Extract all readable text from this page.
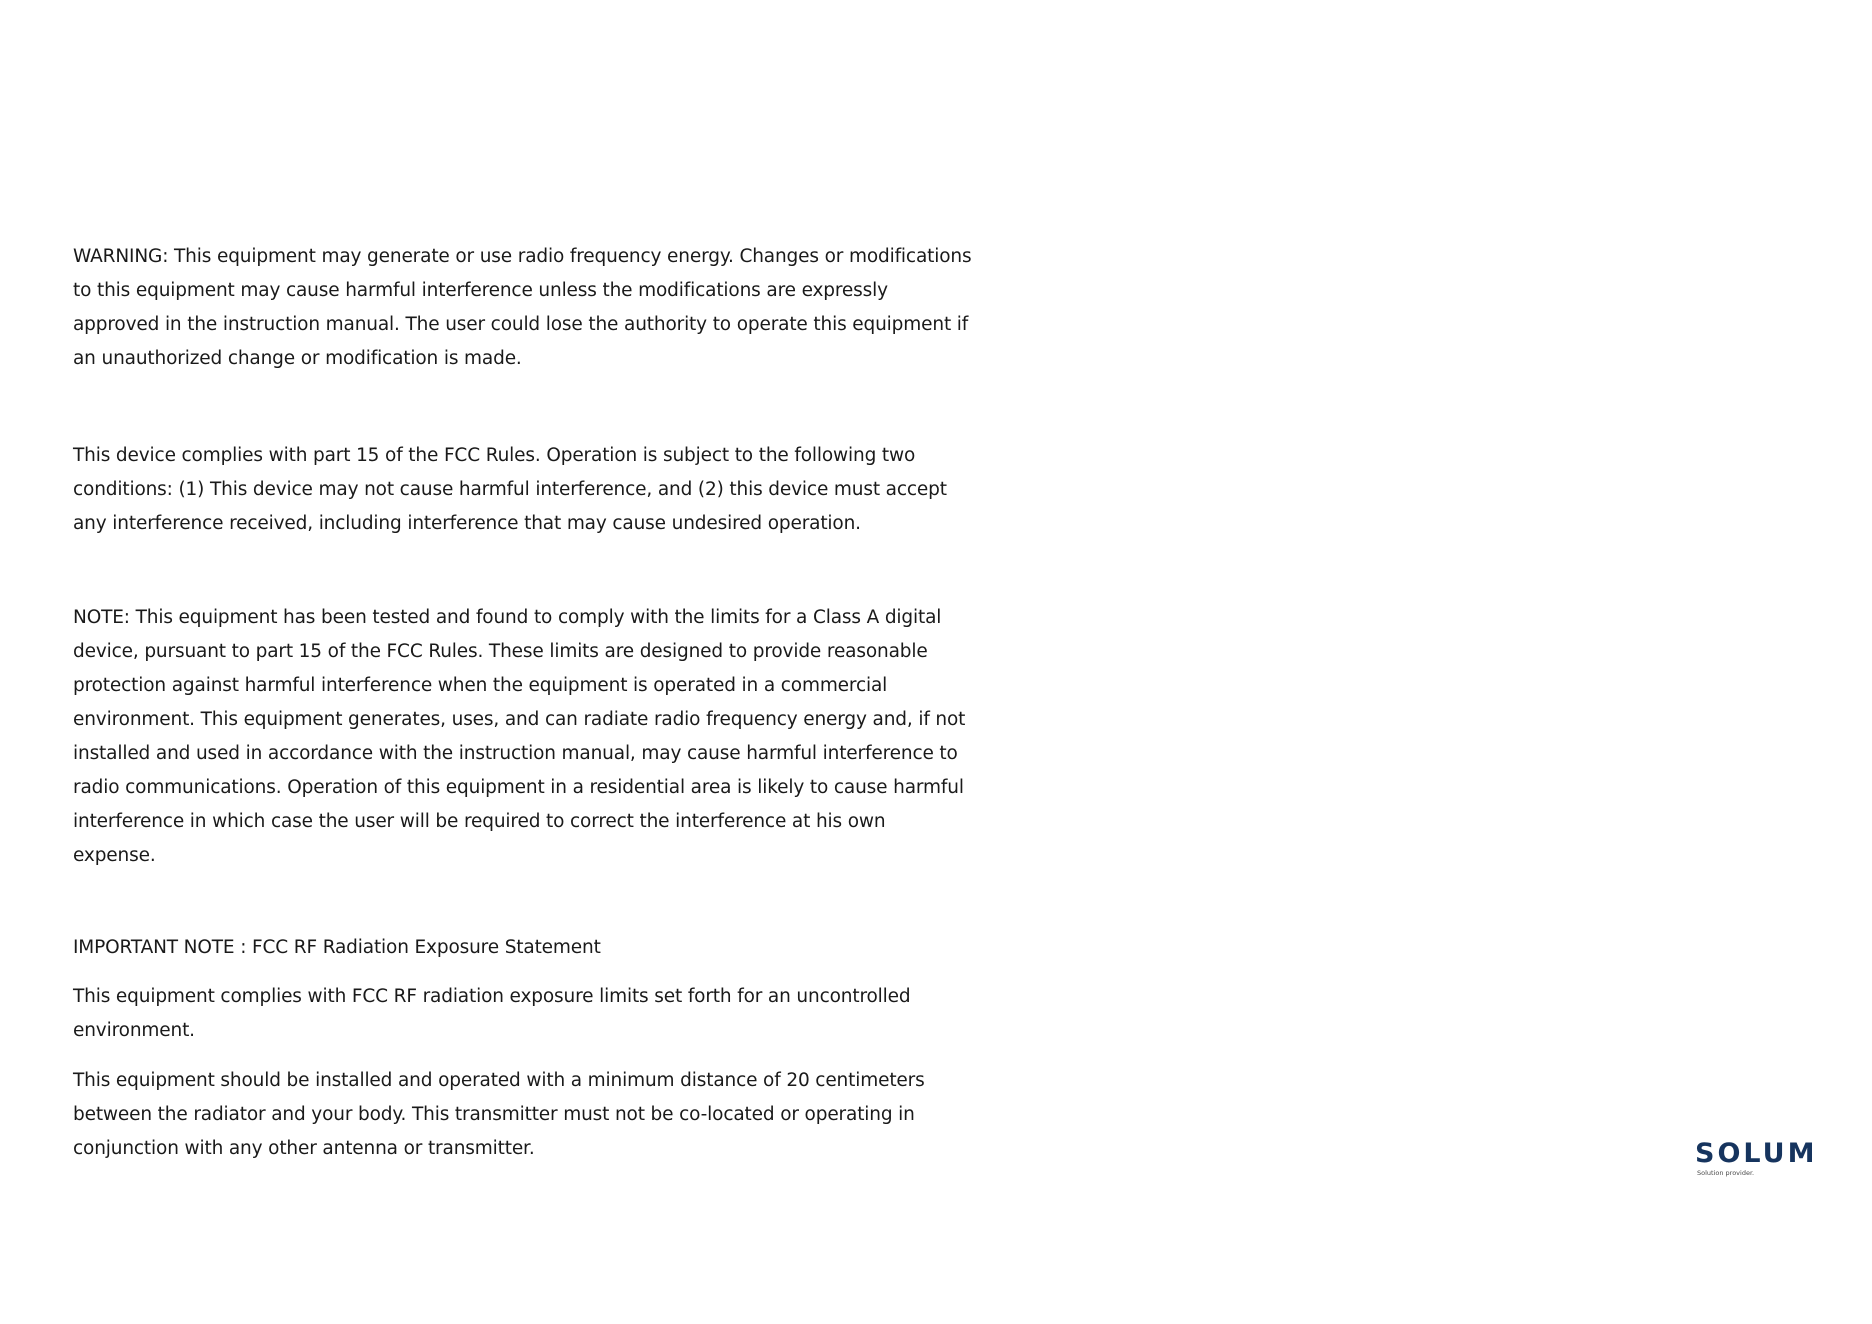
WARNING: This equipment may generate or use radio frequency energy. Changes or modifications to this equipment may cause harmful interference unless the modifications are expressly approved in the instruction manual. The user could lose the authority to operate this equipment if an unauthorized change or modification is made.

This device complies with part 15 of the FCC Rules. Operation is subject to the following two conditions: (1) This device may not cause harmful interference, and (2) this device must accept any interference received, including interference that may cause undesired operation.

NOTE: This equipment has been tested and found to comply with the limits for a Class A digital device, pursuant to part 15 of the FCC Rules. These limits are designed to provide reasonable protection against harmful interference when the equipment is operated in a commercial environment. This equipment generates, uses, and can radiate radio frequency energy and, if not installed and used in accordance with the instruction manual, may cause harmful interference to radio communications. Operation of this equipment in a residential area is likely to cause harmful interference in which case the user will be required to correct the interference at his own expense.

IMPORTANT NOTE : FCC RF Radiation Exposure Statement

This equipment complies with FCC RF radiation exposure limits set forth for an uncontrolled environment.

This equipment should be installed and operated with a minimum distance of 20 centimeters between the radiator and your body. This transmitter must not be co-located or operating in conjunction with any other antenna or transmitter.	SOLUM
Solution provider.
